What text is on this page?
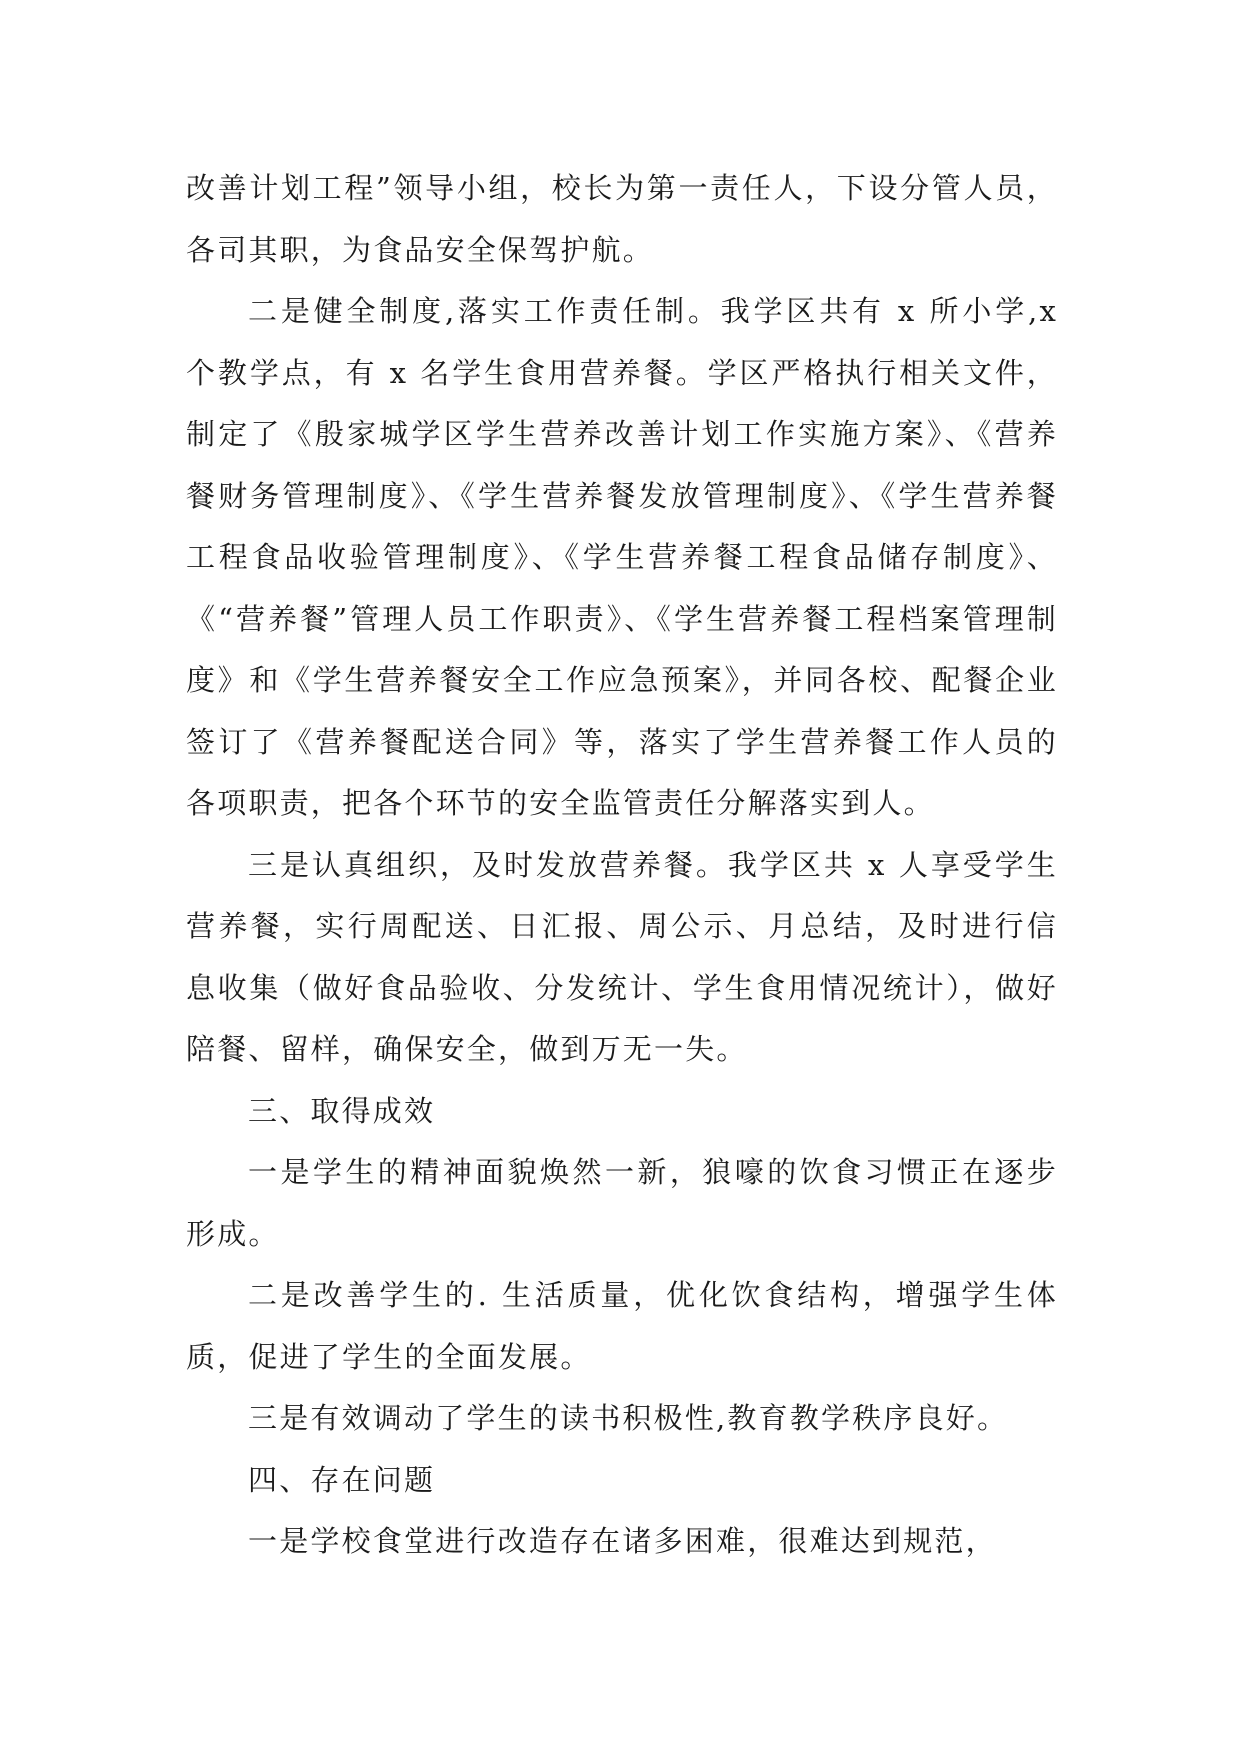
改善计划工程”领导小组，校长为第一责任人，下设分管人员，各司其职，为食品安全保驾护航。

二是健全制度,落实工作责任制。我学区共有 x 所小学,x 个教学点，有 x 名学生食用营养餐。学区严格执行相关文件，制定了《殷家城学区学生营养改善计划工作实施方案》、《营养餐财务管理制度》、《学生营养餐发放管理制度》、《学生营养餐工程食品收验管理制度》、《学生营养餐工程食品储存制度》、《“营养餐”管理人员工作职责》、《学生营养餐工程档案管理制度》和《学生营养餐安全工作应急预案》，并同各校、配餐企业签订了《营养餐配送合同》等，落实了学生营养餐工作人员的各项职责，把各个环节的安全监管责任分解落实到人。

三是认真组织，及时发放营养餐。我学区共 x 人享受学生营养餐，实行周配送、日汇报、周公示、月总结，及时进行信息收集（做好食品验收、分发统计、学生食用情况统计），做好陪餐、留样，确保安全，做到万无一失。

三、取得成效

一是学生的精神面貌焕然一新，狼嚎的饮食习惯正在逐步形成。

二是改善学生的. 生活质量，优化饮食结构，增强学生体质，促进了学生的全面发展。

三是有效调动了学生的读书积极性,教育教学秩序良好。

四、存在问题

一是学校食堂进行改造存在诸多困难，很难达到规范，
